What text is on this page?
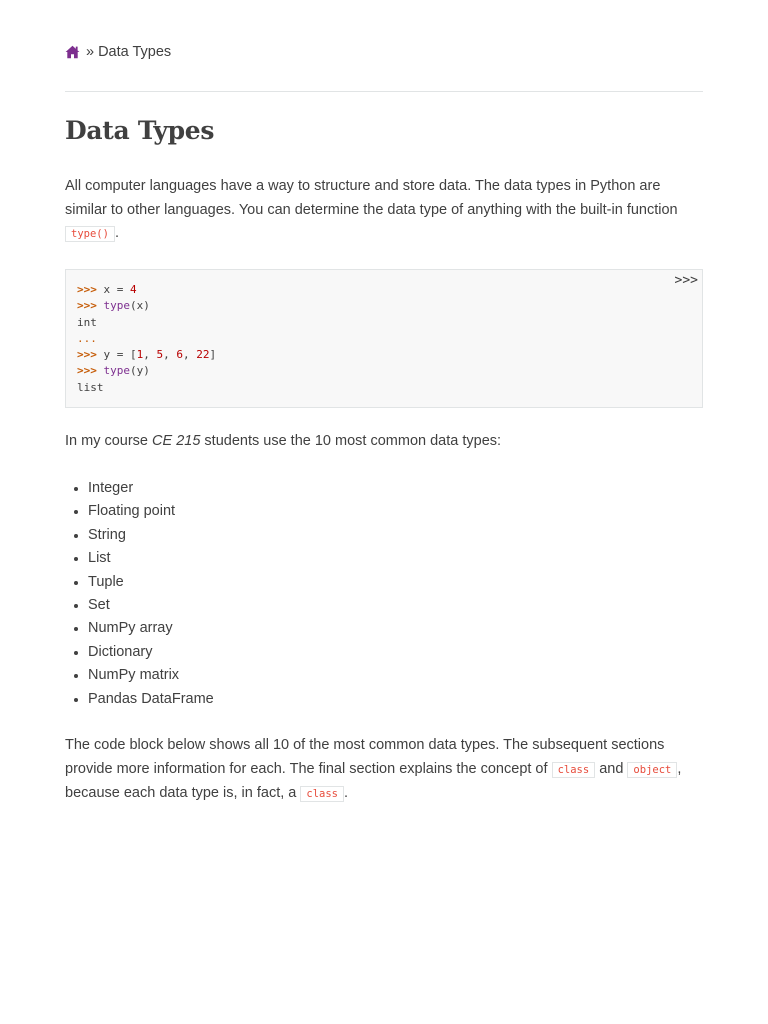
» Data Types
Data Types

All computer languages have a way to structure and store data. The data types in Python are similar to other languages. You can determine the data type of anything with the built-in function type() .

>>>
>>> x = 4
>>> type(x)
int
...
>>> y = [1, 5, 6, 22]
>>> type(y)
list

In my course CE 215 students use the 10 most common data types:

Integer
Floating point
String
List
Tuple
Set
NumPy array
Dictionary
NumPy matrix
Pandas DataFrame

The code block below shows all 10 of the most common data types. The subsequent sections provide more information for each. The final section explains the concept of class and object , because each data type is, in fact, a class .
